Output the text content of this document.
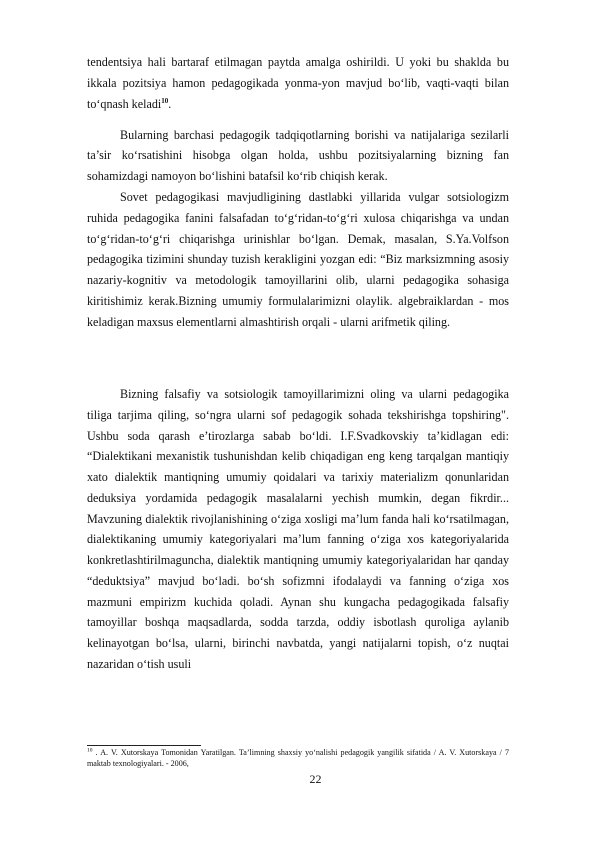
tendentsiya hali bartaraf etilmagan paytda amalga oshirildi. U yoki bu shaklda bu ikkala pozitsiya hamon pedagogikada yonma-yon mavjud bo‘lib, vaqti-vaqti bilan to‘qnash keladi$^{10}$.

Bularning barchasi pedagogik tadqiqotlarning borishi va natijalariga sezilarli ta’sir ko‘rsatishini hisobga olgan holda, ushbu pozitsiyalarning bizning fan sohamizdagi namoyon bo‘lishini batafsil ko‘rib chiqish kerak.

Sovet pedagogikasi mavjudligining dastlabki yillarida vulgar sotsiologizm ruhida pedagogika fanini falsafadan to‘g‘ridan-to‘g‘ri xulosa chiqarishga va undan to‘g‘ridan-to‘g‘ri chiqarishga urinishlar bo‘lgan. Demak, masalan, S.Ya.Volfson pedagogika tizimini shunday tuzish kerakligini yozgan edi: “Biz marksizmning asosiy nazariy-kognitiv va metodologik tamoyillarini olib, ularni pedagogika sohasiga kiritishimiz kerak.Bizning umumiy formulalarimizni olaylik. algebraiklardan - mos keladigan maxsus elementlarni almashtirish orqali - ularni arifmetik qiling.

Bizning falsafiy va sotsiologik tamoyillarimizni oling va ularni pedagogika tiliga tarjima qiling, so‘ngra ularni sof pedagogik sohada tekshirishga topshiring". Ushbu soda qarash e’tirozlarga sabab bo‘ldi. I.F.Svadkovskiy ta’kidlagan edi: “Dialektikani mexanistik tushunishdan kelib chiqadigan eng keng tarqalgan mantiqiy xato dialektik mantiqning umumiy qoidalari va tarixiy materializm qonunlaridan deduksiya yordamida pedagogik masalalarni yechish mumkin, degan fikrdir... Mavzuning dialektik rivojlanishining o‘ziga xosligi ma’lum fanda hali ko‘rsatilmagan, dialektikaning umumiy kategoriyalari ma’lum fanning o‘ziga xos kategoriyalarida konkretlashtirilmaguncha, dialektik mantiqning umumiy kategoriyalaridan har qanday “deduktsiya” mavjud bo‘ladi. bo‘sh sofizmni ifodalaydi va fanning o‘ziga xos mazmuni empirizm kuchida qoladi. Aynan shu kungacha pedagogikada falsafiy tamoyillar boshqa maqsadlarda, sodda tarzda, oddiy isbotlash quroliga aylanib kelinayotgan bo‘lsa, ularni, birinchi navbatda, yangi natijalarni topish, o‘z nuqtai nazaridan o‘tish usuli

$^{10}$ . A. V. Xutorskaya Tomonidan Yaratilgan. Ta’limning shaxsiy yo‘nalishi pedagogik yangilik sifatida / A. V. Xutorskaya / 7 maktab texnologiyalari. - 2006,

22
